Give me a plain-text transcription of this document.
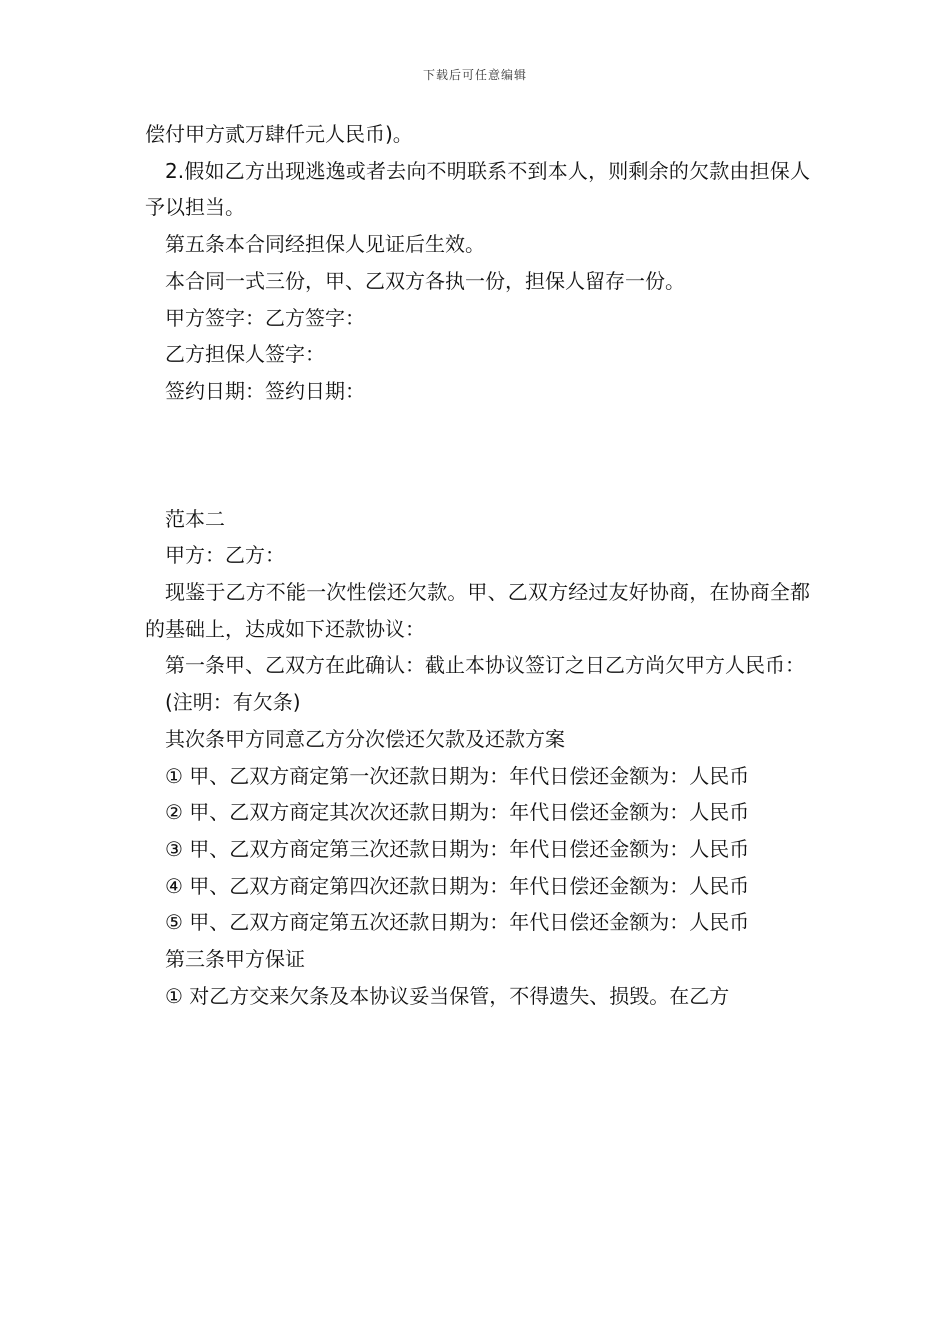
下载后可任意编辑

偿付甲方贰万肆仟元人民币)。

2.假如乙方出现逃逸或者去向不明联系不到本人，则剩余的欠款由担保人予以担当。

第五条本合同经担保人见证后生效。

本合同一式三份，甲、乙双方各执一份，担保人留存一份。

甲方签字：乙方签字：

乙方担保人签字：

签约日期：签约日期：

范本二

甲方：乙方：

现鉴于乙方不能一次性偿还欠款。甲、乙双方经过友好协商，在协商全都的基础上，达成如下还款协议：

第一条甲、乙双方在此确认：截止本协议签订之日乙方尚欠甲方人民币：

(注明：有欠条)

其次条甲方同意乙方分次偿还欠款及还款方案

① 甲、乙双方商定第一次还款日期为：年代日偿还金额为：人民币

② 甲、乙双方商定其次次还款日期为：年代日偿还金额为：人民币

③ 甲、乙双方商定第三次还款日期为：年代日偿还金额为：人民币

④ 甲、乙双方商定第四次还款日期为：年代日偿还金额为：人民币

⑤ 甲、乙双方商定第五次还款日期为：年代日偿还金额为：人民币

第三条甲方保证

① 对乙方交来欠条及本协议妥当保管，不得遗失、损毁。在乙方
